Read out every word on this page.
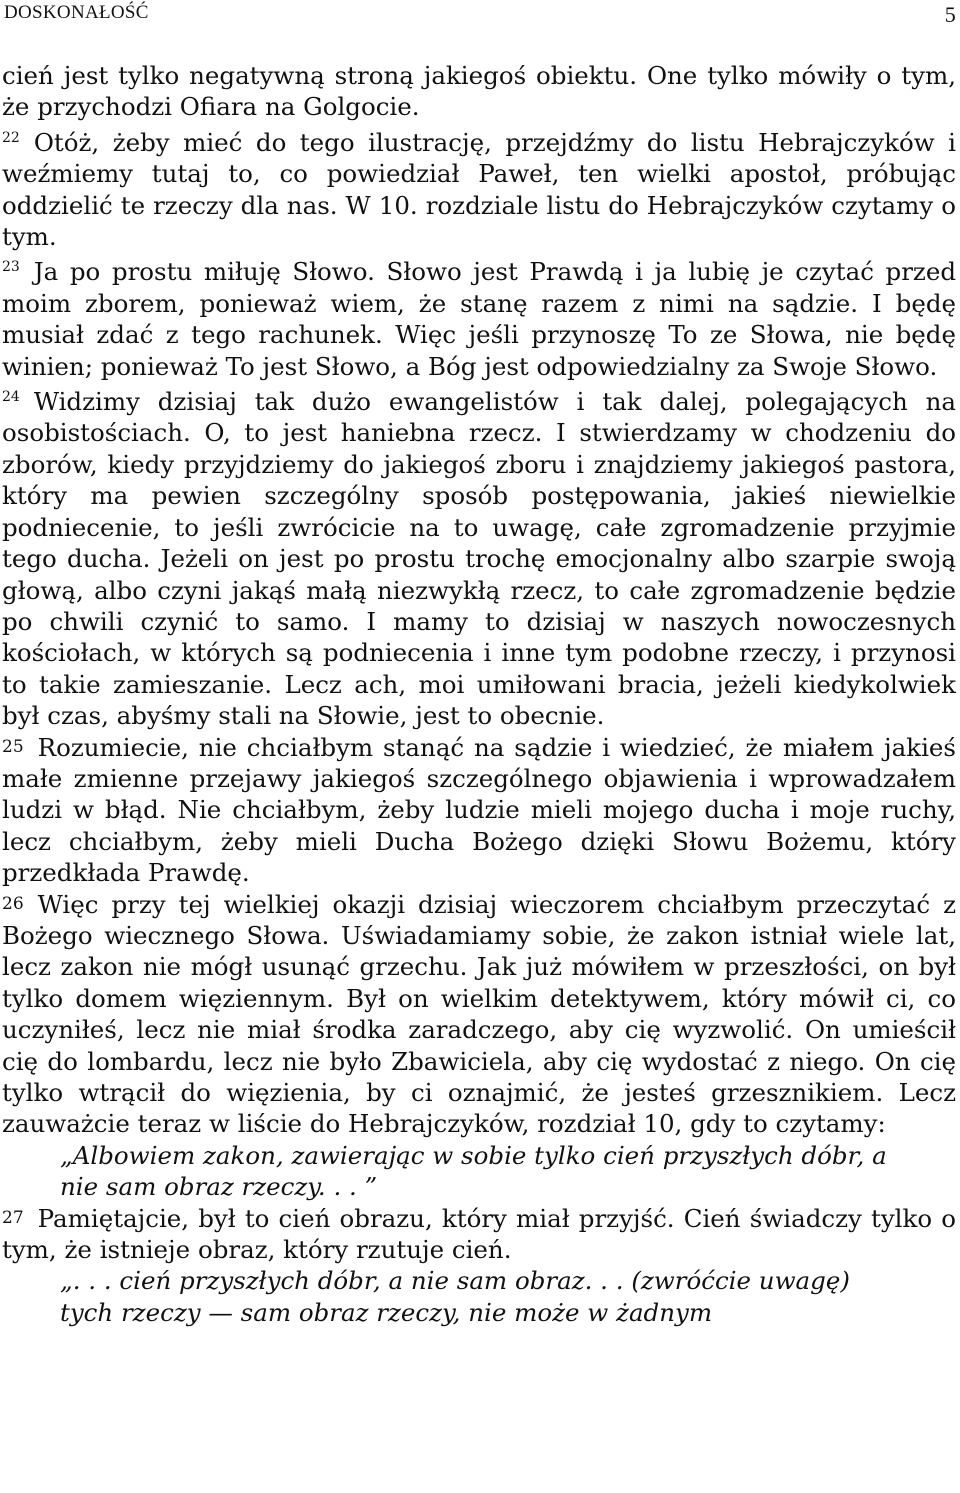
DOSKONAŁOŚĆ	5

cień jest tylko negatywną stroną jakiegoś obiektu. One tylko mówiły o tym, że przychodzi Ofiara na Golgocie.

$^{22}$ Otóż, żeby mieć do tego ilustrację, przejdźmy do listu Hebrajczyków i weźmiemy tutaj to, co powiedział Paweł, ten wielki apostoł, próbując oddzielić te rzeczy dla nas. W 10. rozdziale listu do Hebrajczyków czytamy o tym.

$^{23}$ Ja po prostu miłuję Słowo. Słowo jest Prawdą i ja lubię je czytać przed moim zborem, ponieważ wiem, że stanę razem z nimi na sądzie. I będę musiał zdać z tego rachunek. Więc jeśli przynoszę To ze Słowa, nie będę winien; ponieważ To jest Słowo, a Bóg jest odpowiedzialny za Swoje Słowo.

$^{24}$ Widzimy dzisiaj tak dużo ewangelistów i tak dalej, polegających na osobistościach. O, to jest haniebna rzecz. I stwierdzamy w chodzeniu do zborów, kiedy przyjdziemy do jakiegoś zboru i znajdziemy jakiegoś pastora, który ma pewien szczególny sposób postępowania, jakieś niewielkie podniecenie, to jeśli zwrócicie na to uwagę, całe zgromadzenie przyjmie tego ducha. Jeżeli on jest po prostu trochę emocjonalny albo szarpie swoją głową, albo czyni jakąś małą niezwykłą rzecz, to całe zgromadzenie będzie po chwili czynić to samo. I mamy to dzisiaj w naszych nowoczesnych kościołach, w których są podniecenia i inne tym podobne rzeczy, i przynosi to takie zamieszanie. Lecz ach, moi umiłowani bracia, jeżeli kiedykolwiek był czas, abyśmy stali na Słowie, jest to obecnie.

25 Rozumiecie, nie chciałbym stanąć na sądzie i wiedzieć, że miałem jakieś małe zmienne przejawy jakiegoś szczególnego objawienia i wprowadzałem ludzi w błąd. Nie chciałbym, żeby ludzie mieli mojego ducha i moje ruchy, lecz chciałbym, żeby mieli Ducha Bożego dzięki Słowu Bożemu, który przedkłada Prawdę.

26 Więc przy tej wielkiej okazji dzisiaj wieczorem chciałbym przeczytać z Bożego wiecznego Słowa. Uświadamiamy sobie, że zakon istniał wiele lat, lecz zakon nie mógł usunąć grzechu. Jak już mówiłem w przeszłości, on był tylko domem więziennym. Był on wielkim detektywem, który mówił ci, co uczyniłeś, lecz nie miał środka zaradczego, aby cię wyzwolić. On umieścił cię do lombardu, lecz nie było Zbawiciela, aby cię wydostać z niego. On cię tylko wtrącił do więzienia, by ci oznajmić, że jesteś grzesznikiem. Lecz zauważcie teraz w liście do Hebrajczyków, rozdział 10, gdy to czytamy:

„Albowiem zakon, zawierając w sobie tylko cień przyszłych dóbr, a nie sam obraz rzeczy. . . ”

27 Pamiętajcie, był to cień obrazu, który miał przyjść. Cień świadczy tylko o tym, że istnieje obraz, który rzutuje cień.

„. . . cień przyszłych dóbr, a nie sam obraz. . . (zwróćcie uwagę) tych rzeczy — sam obraz rzeczy, nie może w żadnym
